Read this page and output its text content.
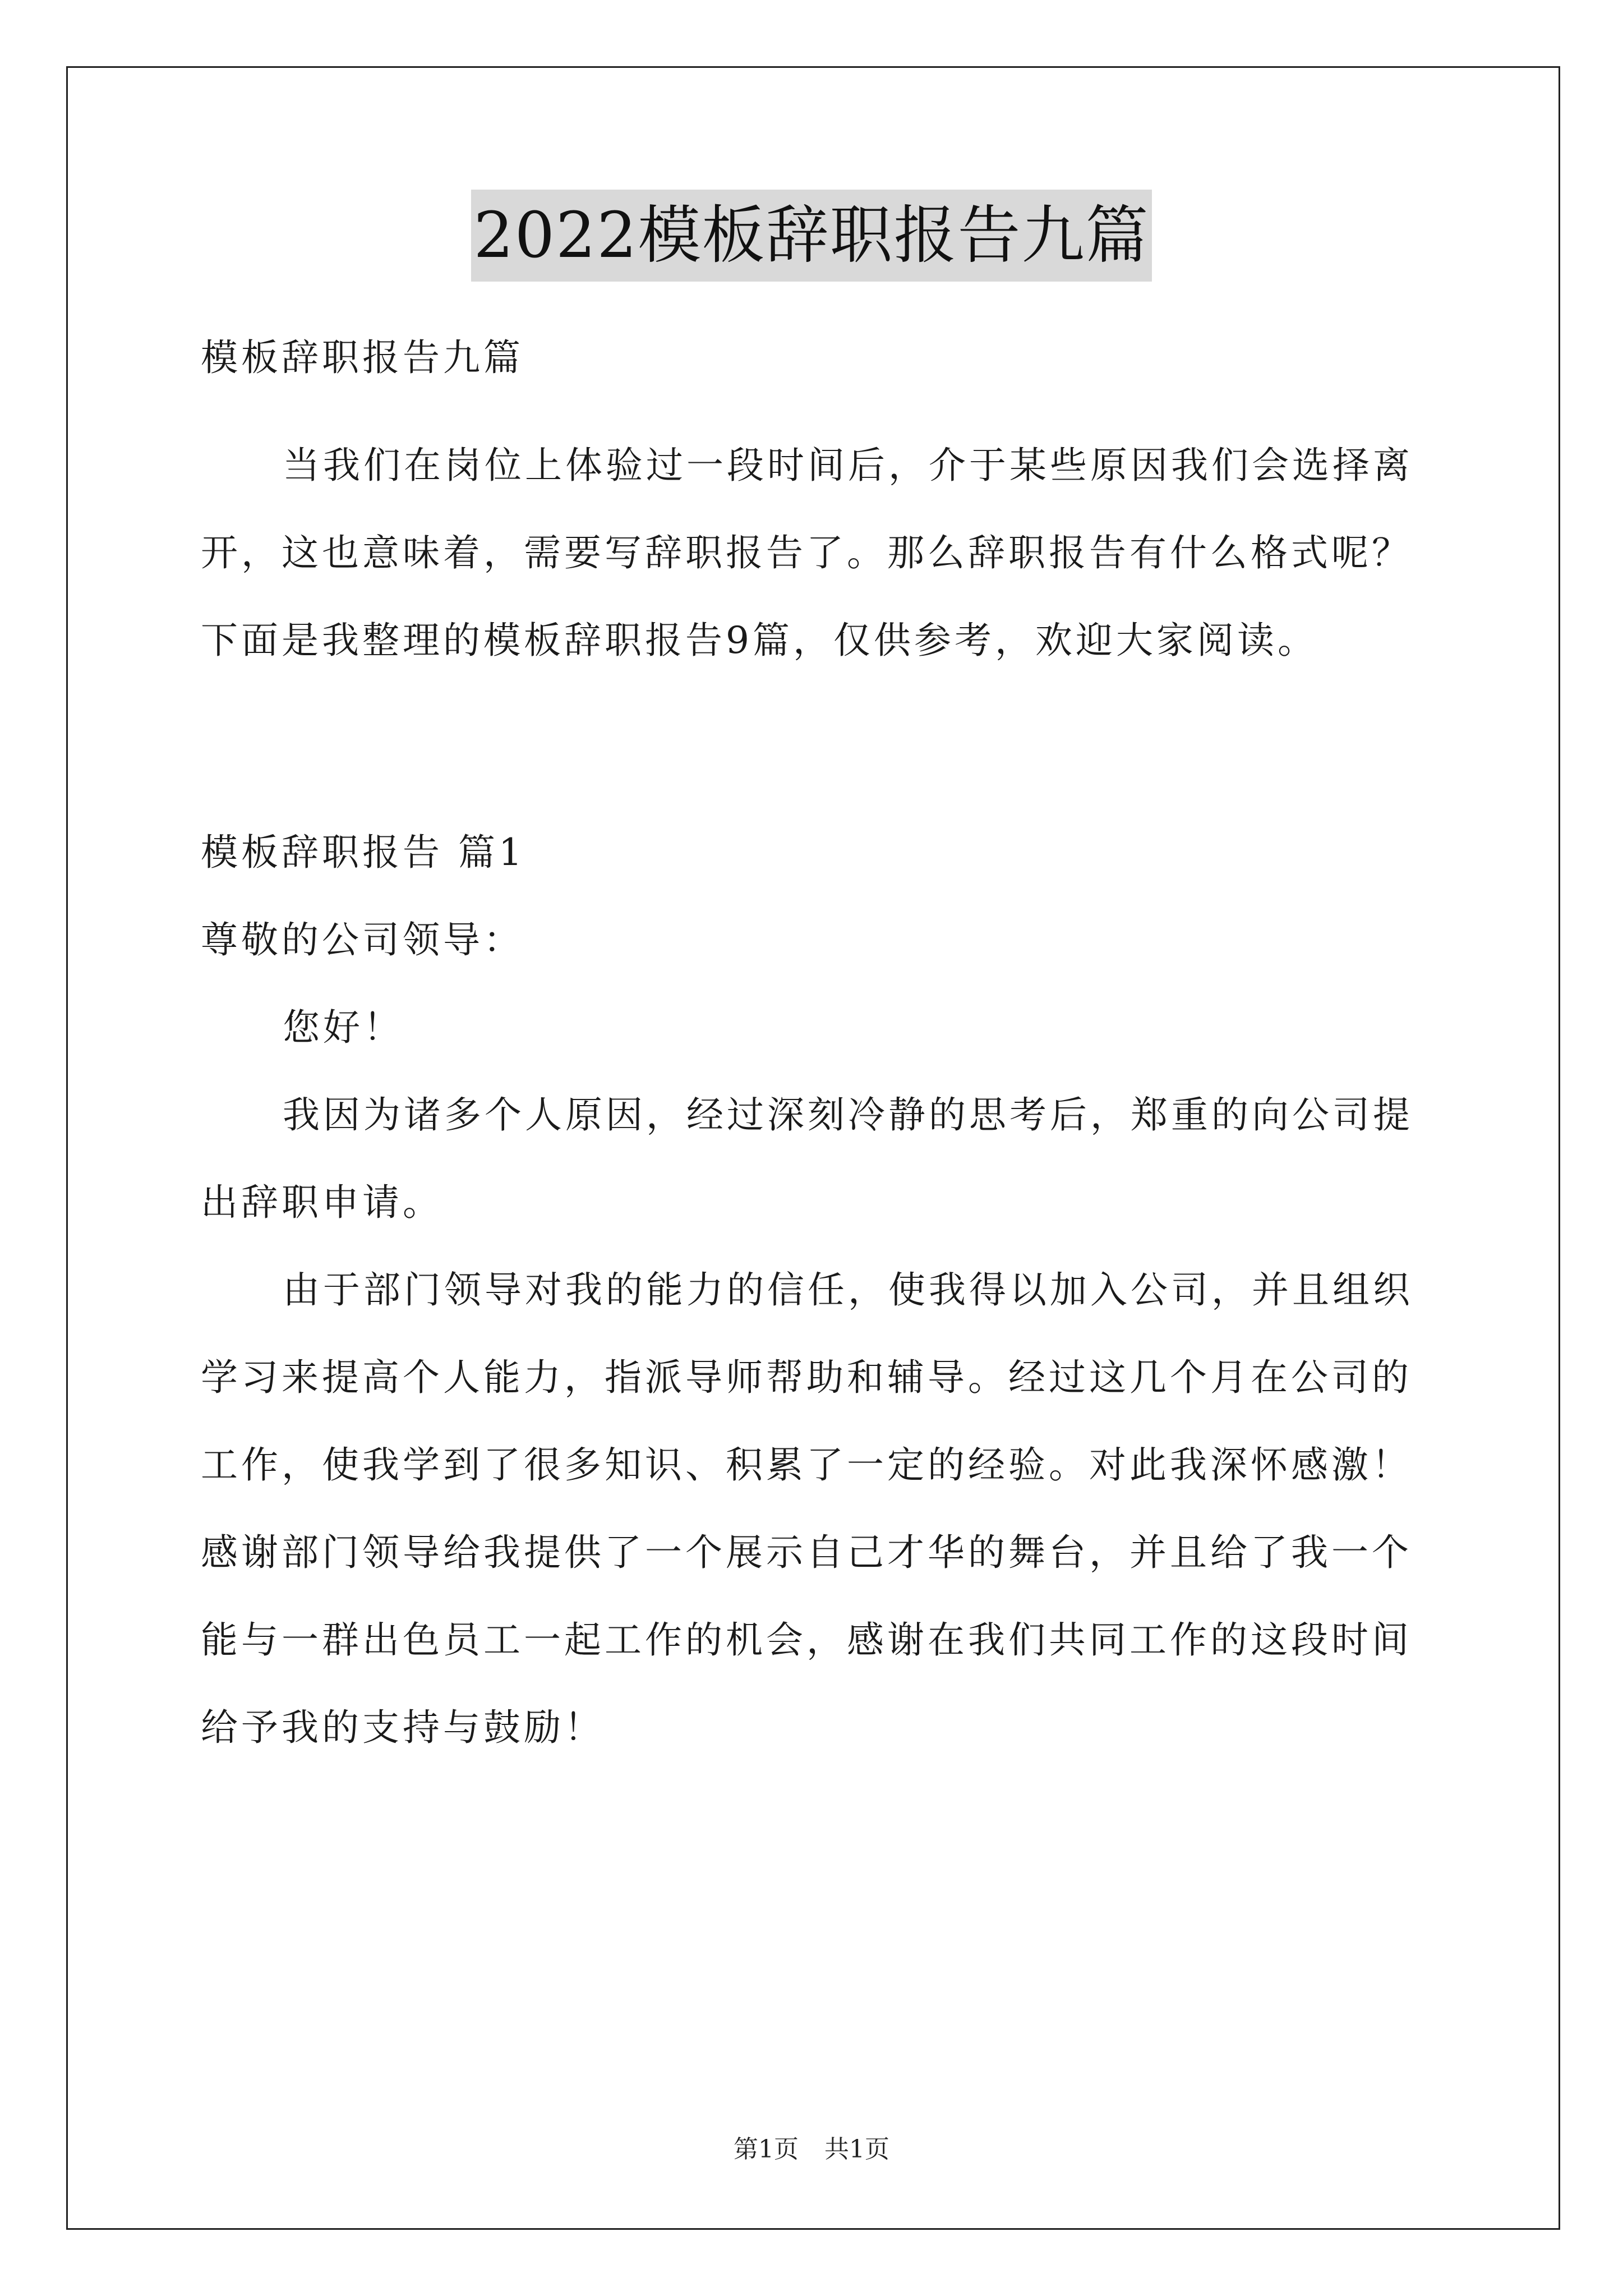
2022模板辞职报告九篇

模板辞职报告九篇

当我们在岗位上体验过一段时间后，介于某些原因我们会选择离
开，这也意味着，需要写辞职报告了。那么辞职报告有什么格式呢？
下面是我整理的模板辞职报告9篇，仅供参考，欢迎大家阅读。

模板辞职报告 篇1

尊敬的公司领导：

您好！

我因为诸多个人原因，经过深刻冷静的思考后，郑重的向公司提
出辞职申请。

由于部门领导对我的能力的信任，使我得以加入公司，并且组织
学习来提高个人能力，指派导师帮助和辅导。经过这几个月在公司的
工作，使我学到了很多知识、积累了一定的经验。对此我深怀感激！
感谢部门领导给我提供了一个展示自己才华的舞台，并且给了我一个
能与一群出色员工一起工作的机会，感谢在我们共同工作的这段时间
给予我的支持与鼓励！

第1页 共1页
